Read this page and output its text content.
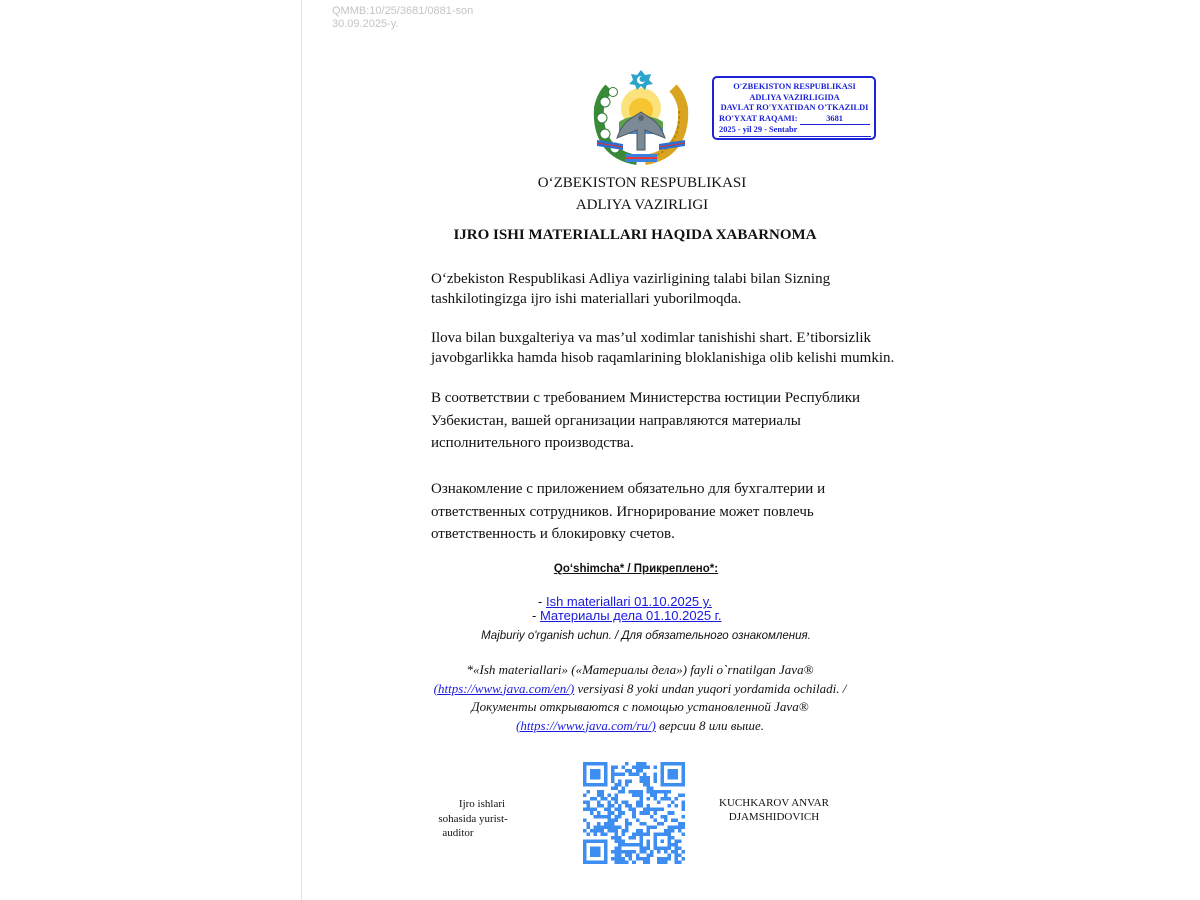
QMMB:10/25/3681/0881-son
30.09.2025-y.
O'ZBEKISTON RESPUBLIKASI
ADLIYA VAZIRLIGIDA
DAVLAT RO'YXATIDAN O'TKAZILDI
RO'YXAT RAQAMI:	3681
2025 - yil 29 - Sentabr
O‘ZBEKISTON RESPUBLIKASI
ADLIYA VAZIRLIGI
IJRO ISHI MATERIALLARI HAQIDA XABARNOMA
O‘zbekiston Respublikasi Adliya vazirligining talabi bilan Sizning tashkilotingizga ijro ishi materiallari yuborilmoqda.
Ilova bilan buxgalteriya va mas’ul xodimlar tanishishi shart. E’tiborsizlik javobgarlikka hamda hisob raqamlarining bloklanishiga olib kelishi mumkin.
В соответствии с требованием Министерства юстиции Республики Узбекистан, вашей организации направляются материалы исполнительного производства.
Ознакомление с приложением обязательно для бухгалтерии и ответственных сотрудников. Игнорирование может повлечь ответственность и блокировку счетов.
Qo‘shimcha* / Прикреплено*:
- Ish materiallari 01.10.2025 y.
- Материалы дела 01.10.2025 г.
Majburiy o'rganish uchun. / Для обязательного ознакомления.
*«Ish materiallari» («Материалы дела») fayli o`rnatilgan Java®
(https://www.java.com/en/) versiyasi 8 yoki undan yuqori yordamida ochiladi. / Документы открываются с помощью установленной Java®
(https://www.java.com/ru/) версии 8 или выше.
Ijro ishlari
sohasida yurist-
auditor
KUCHKAROV ANVAR
DJAMSHIDOVICH
